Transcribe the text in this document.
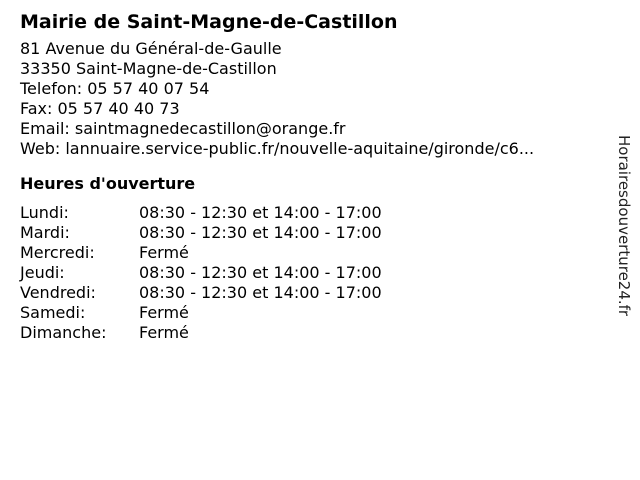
Mairie de Saint-Magne-de-Castillon
81 Avenue du Général-de-Gaulle
33350 Saint-Magne-de-Castillon
Telefon: 05 57 40 07 54
Fax: 05 57 40 40 73
Email: saintmagnedecastillon@orange.fr
Web: lannuaire.service-public.fr/nouvelle-aquitaine/gironde/c6...
Heures d'ouverture
Lundi:	08:30 - 12:30 et 14:00 - 17:00
Mardi:	08:30 - 12:30 et 14:00 - 17:00
Mercredi:	Fermé
Jeudi:	08:30 - 12:30 et 14:00 - 17:00
Vendredi:	08:30 - 12:30 et 14:00 - 17:00
Samedi:	Fermé
Dimanche:	Fermé
Horairesdouverture24.fr
